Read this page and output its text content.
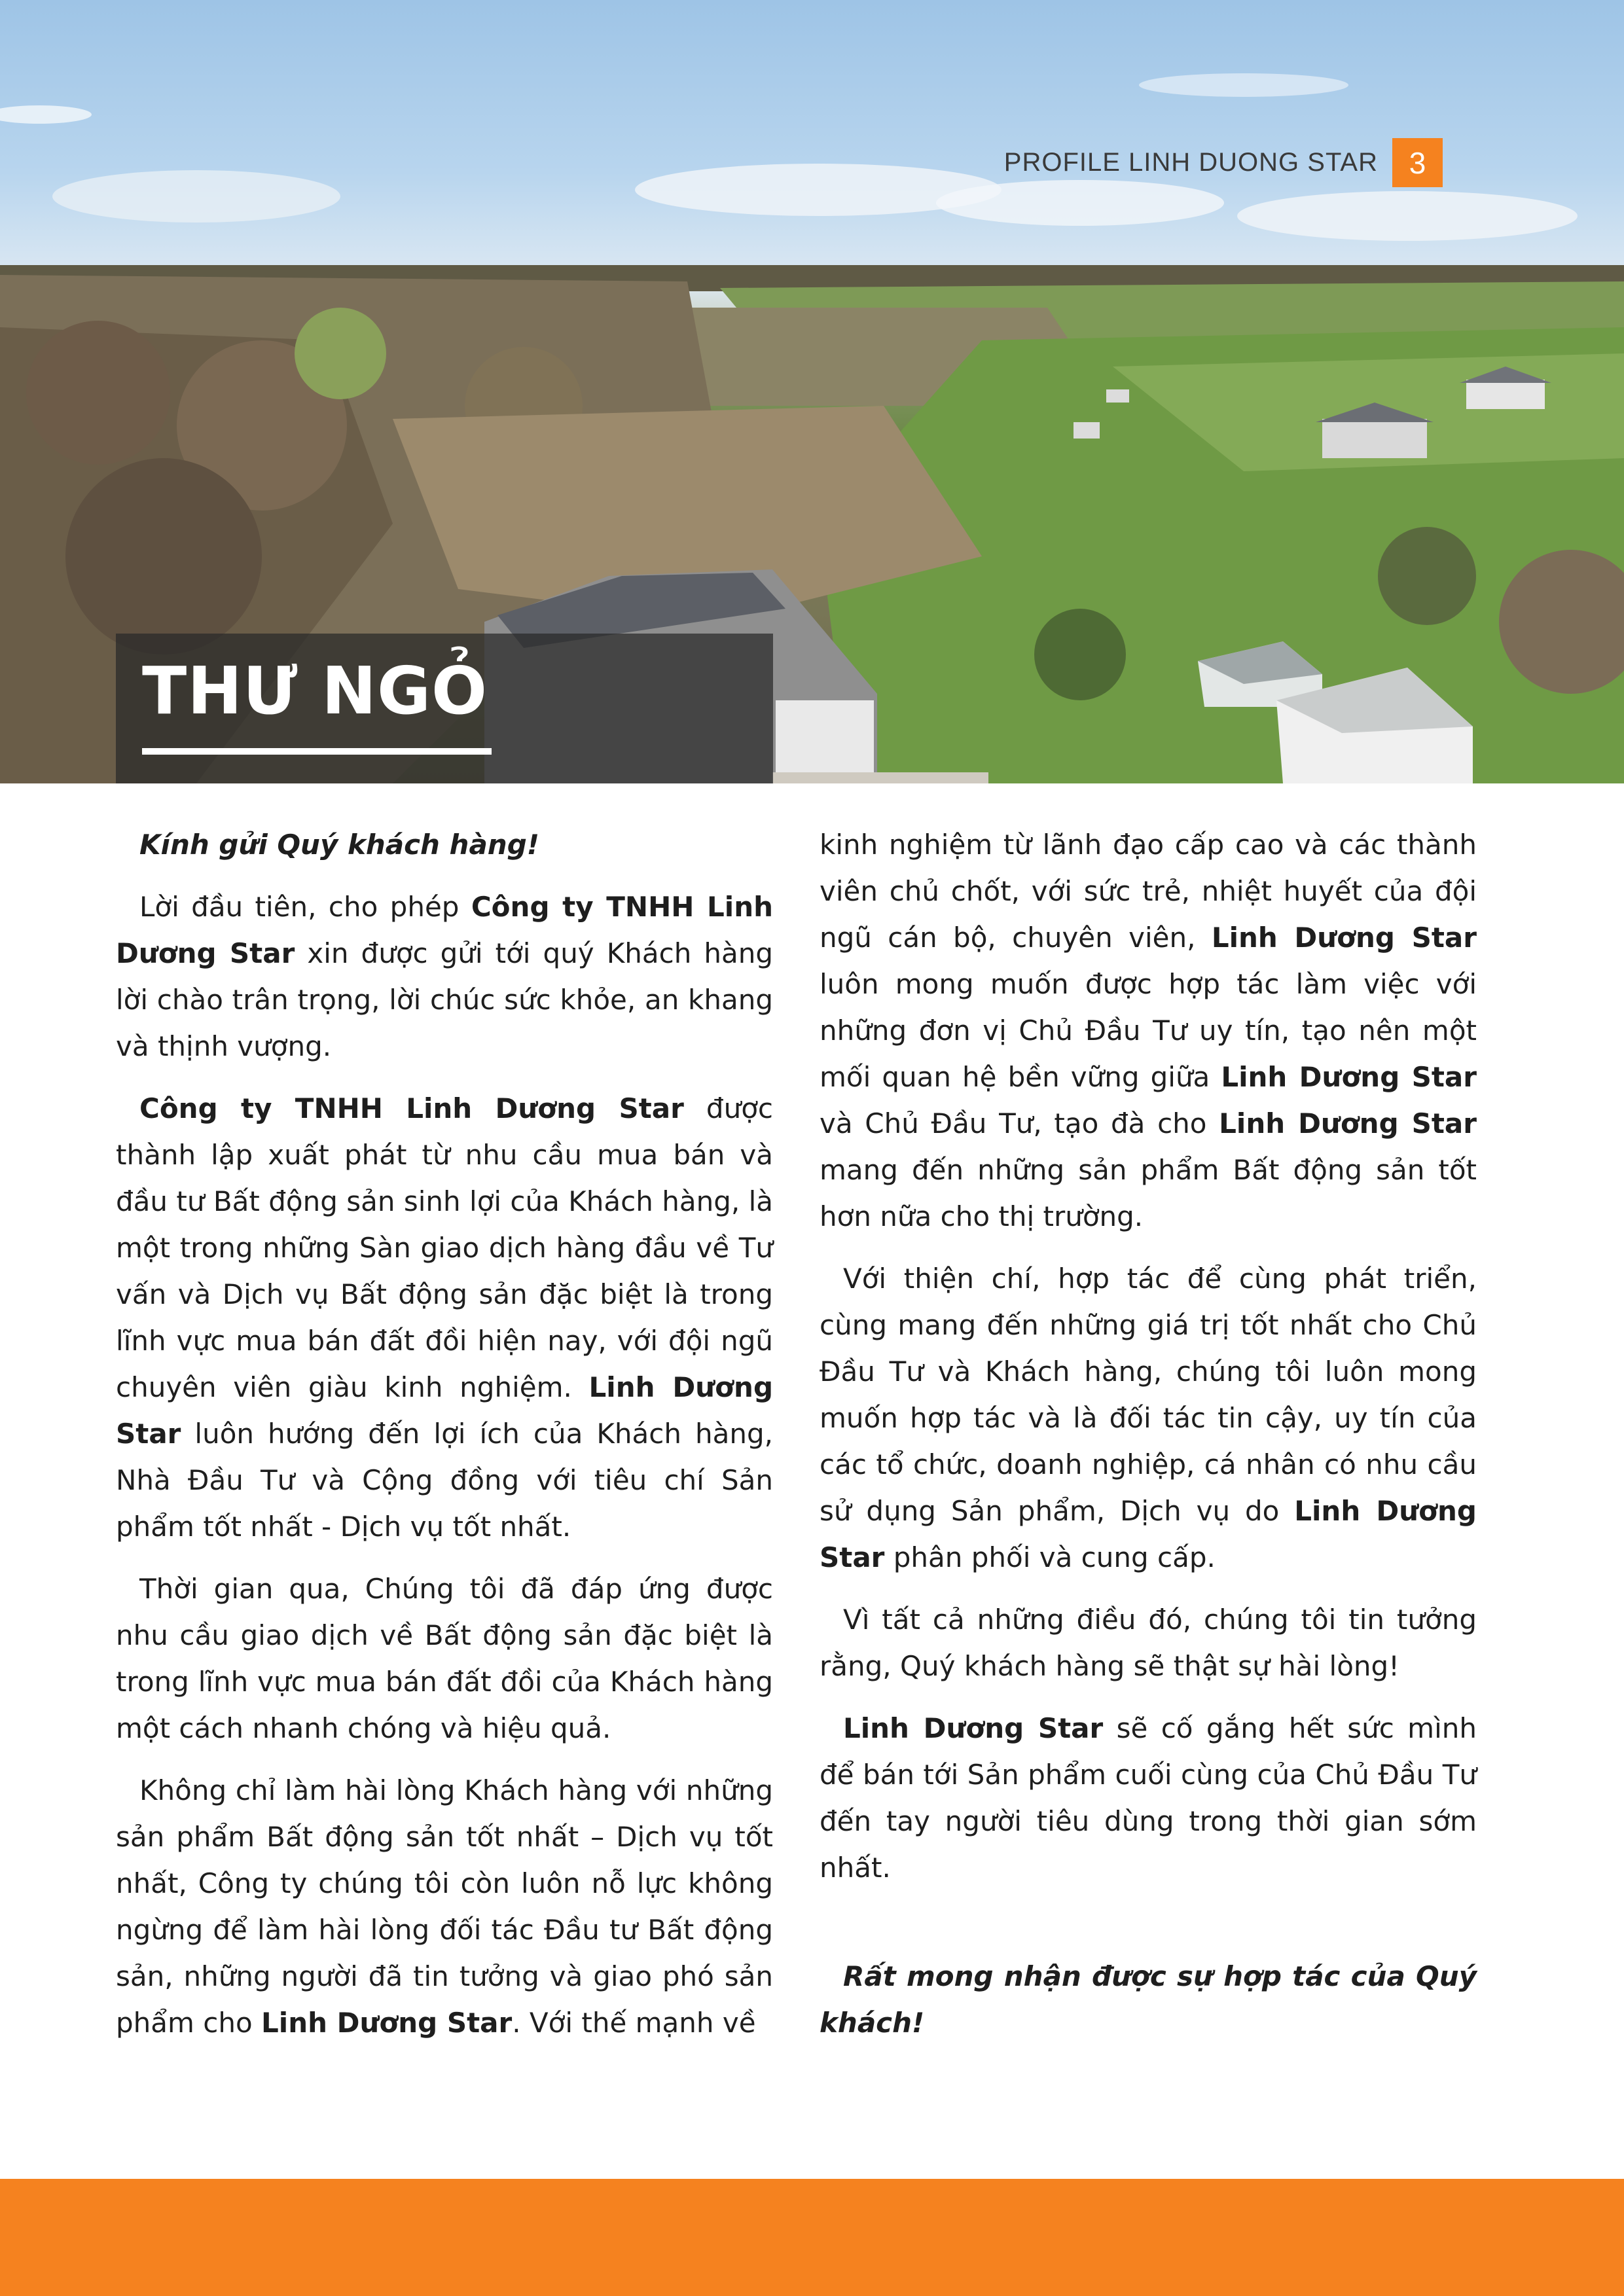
PROFILE LINH DUONG STAR	3
THƯ NGỎ

Kính gửi Quý khách hàng!

Lời đầu tiên, cho phép Công ty TNHH Linh Dương Star xin được gửi tới quý Khách hàng lời chào trân trọng, lời chúc sức khỏe, an khang và thịnh vượng.

Công ty TNHH Linh Dương Star được thành lập xuất phát từ nhu cầu mua bán và đầu tư Bất động sản sinh lợi của Khách hàng, là một trong những Sàn giao dịch hàng đầu về Tư vấn và Dịch vụ Bất động sản đặc biệt là trong lĩnh vực mua bán đất đồi hiện nay, với đội ngũ chuyên viên giàu kinh nghiệm. Linh Dương Star luôn hướng đến lợi ích của Khách hàng, Nhà Đầu Tư và Cộng đồng với tiêu chí Sản phẩm tốt nhất - Dịch vụ tốt nhất.

Thời gian qua, Chúng tôi đã đáp ứng được nhu cầu giao dịch về Bất động sản đặc biệt là trong lĩnh vực mua bán đất đồi của Khách hàng một cách nhanh chóng và hiệu quả.

Không chỉ làm hài lòng Khách hàng với những sản phẩm Bất động sản tốt nhất – Dịch vụ tốt nhất, Công ty chúng tôi còn luôn nỗ lực không ngừng để làm hài lòng đối tác Đầu tư Bất động sản, những người đã tin tưởng và giao phó sản phẩm cho Linh Dương Star. Với thế mạnh về

kinh nghiệm từ lãnh đạo cấp cao và các thành viên chủ chốt, với sức trẻ, nhiệt huyết của đội ngũ cán bộ, chuyên viên, Linh Dương Star luôn mong muốn được hợp tác làm việc với những đơn vị Chủ Đầu Tư uy tín, tạo nên một mối quan hệ bền vững giữa Linh Dương Star và Chủ Đầu Tư, tạo đà cho Linh Dương Star mang đến những sản phẩm Bất động sản tốt hơn nữa cho thị trường.

Với thiện chí, hợp tác để cùng phát triển, cùng mang đến những giá trị tốt nhất cho Chủ Đầu Tư và Khách hàng, chúng tôi luôn mong muốn hợp tác và là đối tác tin cậy, uy tín của các tổ chức, doanh nghiệp, cá nhân có nhu cầu sử dụng Sản phẩm, Dịch vụ do Linh Dương Star phân phối và cung cấp.

Vì tất cả những điều đó, chúng tôi tin tưởng rằng, Quý khách hàng sẽ thật sự hài lòng!

Linh Dương Star sẽ cố gắng hết sức mình để bán tới Sản phẩm cuối cùng của Chủ Đầu Tư đến tay người tiêu dùng trong thời gian sớm nhất.

Rất mong nhận được sự hợp tác của Quý khách!
